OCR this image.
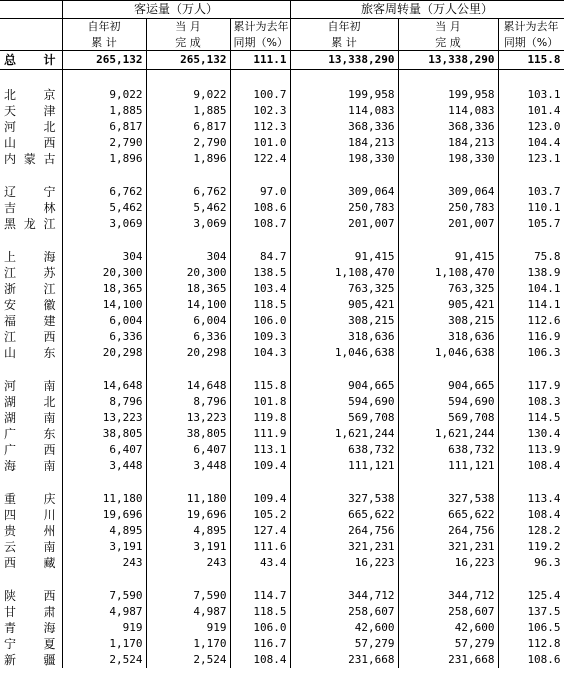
	客运量（万人）			旅客周转量（万人公里）		
	自年初	当 月	累计为去年	自年初	当 月	累计为去年
	累 计	完 成	同期（%）	累 计	完 成	同期（%）
总 计	265,132	265,132	111.1	13,338,290	13,338,290	115.8

北 京	9,022	9,022	100.7	199,958	199,958	103.1
天 津	1,885	1,885	102.3	114,083	114,083	101.4
河 北	6,817	6,817	112.3	368,336	368,336	123.0
山 西	2,790	2,790	101.0	184,213	184,213	104.4
内蒙古	1,896	1,896	122.4	198,330	198,330	123.1

辽 宁	6,762	6,762	97.0	309,064	309,064	103.7
吉 林	5,462	5,462	108.6	250,783	250,783	110.1
黑龙江	3,069	3,069	108.7	201,007	201,007	105.7

上 海	304	304	84.7	91,415	91,415	75.8
江 苏	20,300	20,300	138.5	1,108,470	1,108,470	138.9
浙 江	18,365	18,365	103.4	763,325	763,325	104.1
安 徽	14,100	14,100	118.5	905,421	905,421	114.1
福 建	6,004	6,004	106.0	308,215	308,215	112.6
江 西	6,336	6,336	109.3	318,636	318,636	116.9
山 东	20,298	20,298	104.3	1,046,638	1,046,638	106.3

河 南	14,648	14,648	115.8	904,665	904,665	117.9
湖 北	8,796	8,796	101.8	594,690	594,690	108.3
湖 南	13,223	13,223	119.8	569,708	569,708	114.5
广 东	38,805	38,805	111.9	1,621,244	1,621,244	130.4
广 西	6,407	6,407	113.1	638,732	638,732	113.9
海 南	3,448	3,448	109.4	111,121	111,121	108.4

重 庆	11,180	11,180	109.4	327,538	327,538	113.4
四 川	19,696	19,696	105.2	665,622	665,622	108.4
贵 州	4,895	4,895	127.4	264,756	264,756	128.2
云 南	3,191	3,191	111.6	321,231	321,231	119.2
西 藏	243	243	43.4	16,223	16,223	96.3

陕 西	7,590	7,590	114.7	344,712	344,712	125.4
甘 肃	4,987	4,987	118.5	258,607	258,607	137.5
青 海	919	919	106.0	42,600	42,600	106.5
宁 夏	1,170	1,170	116.7	57,279	57,279	112.8
新 疆	2,524	2,524	108.4	231,668	231,668	108.6
